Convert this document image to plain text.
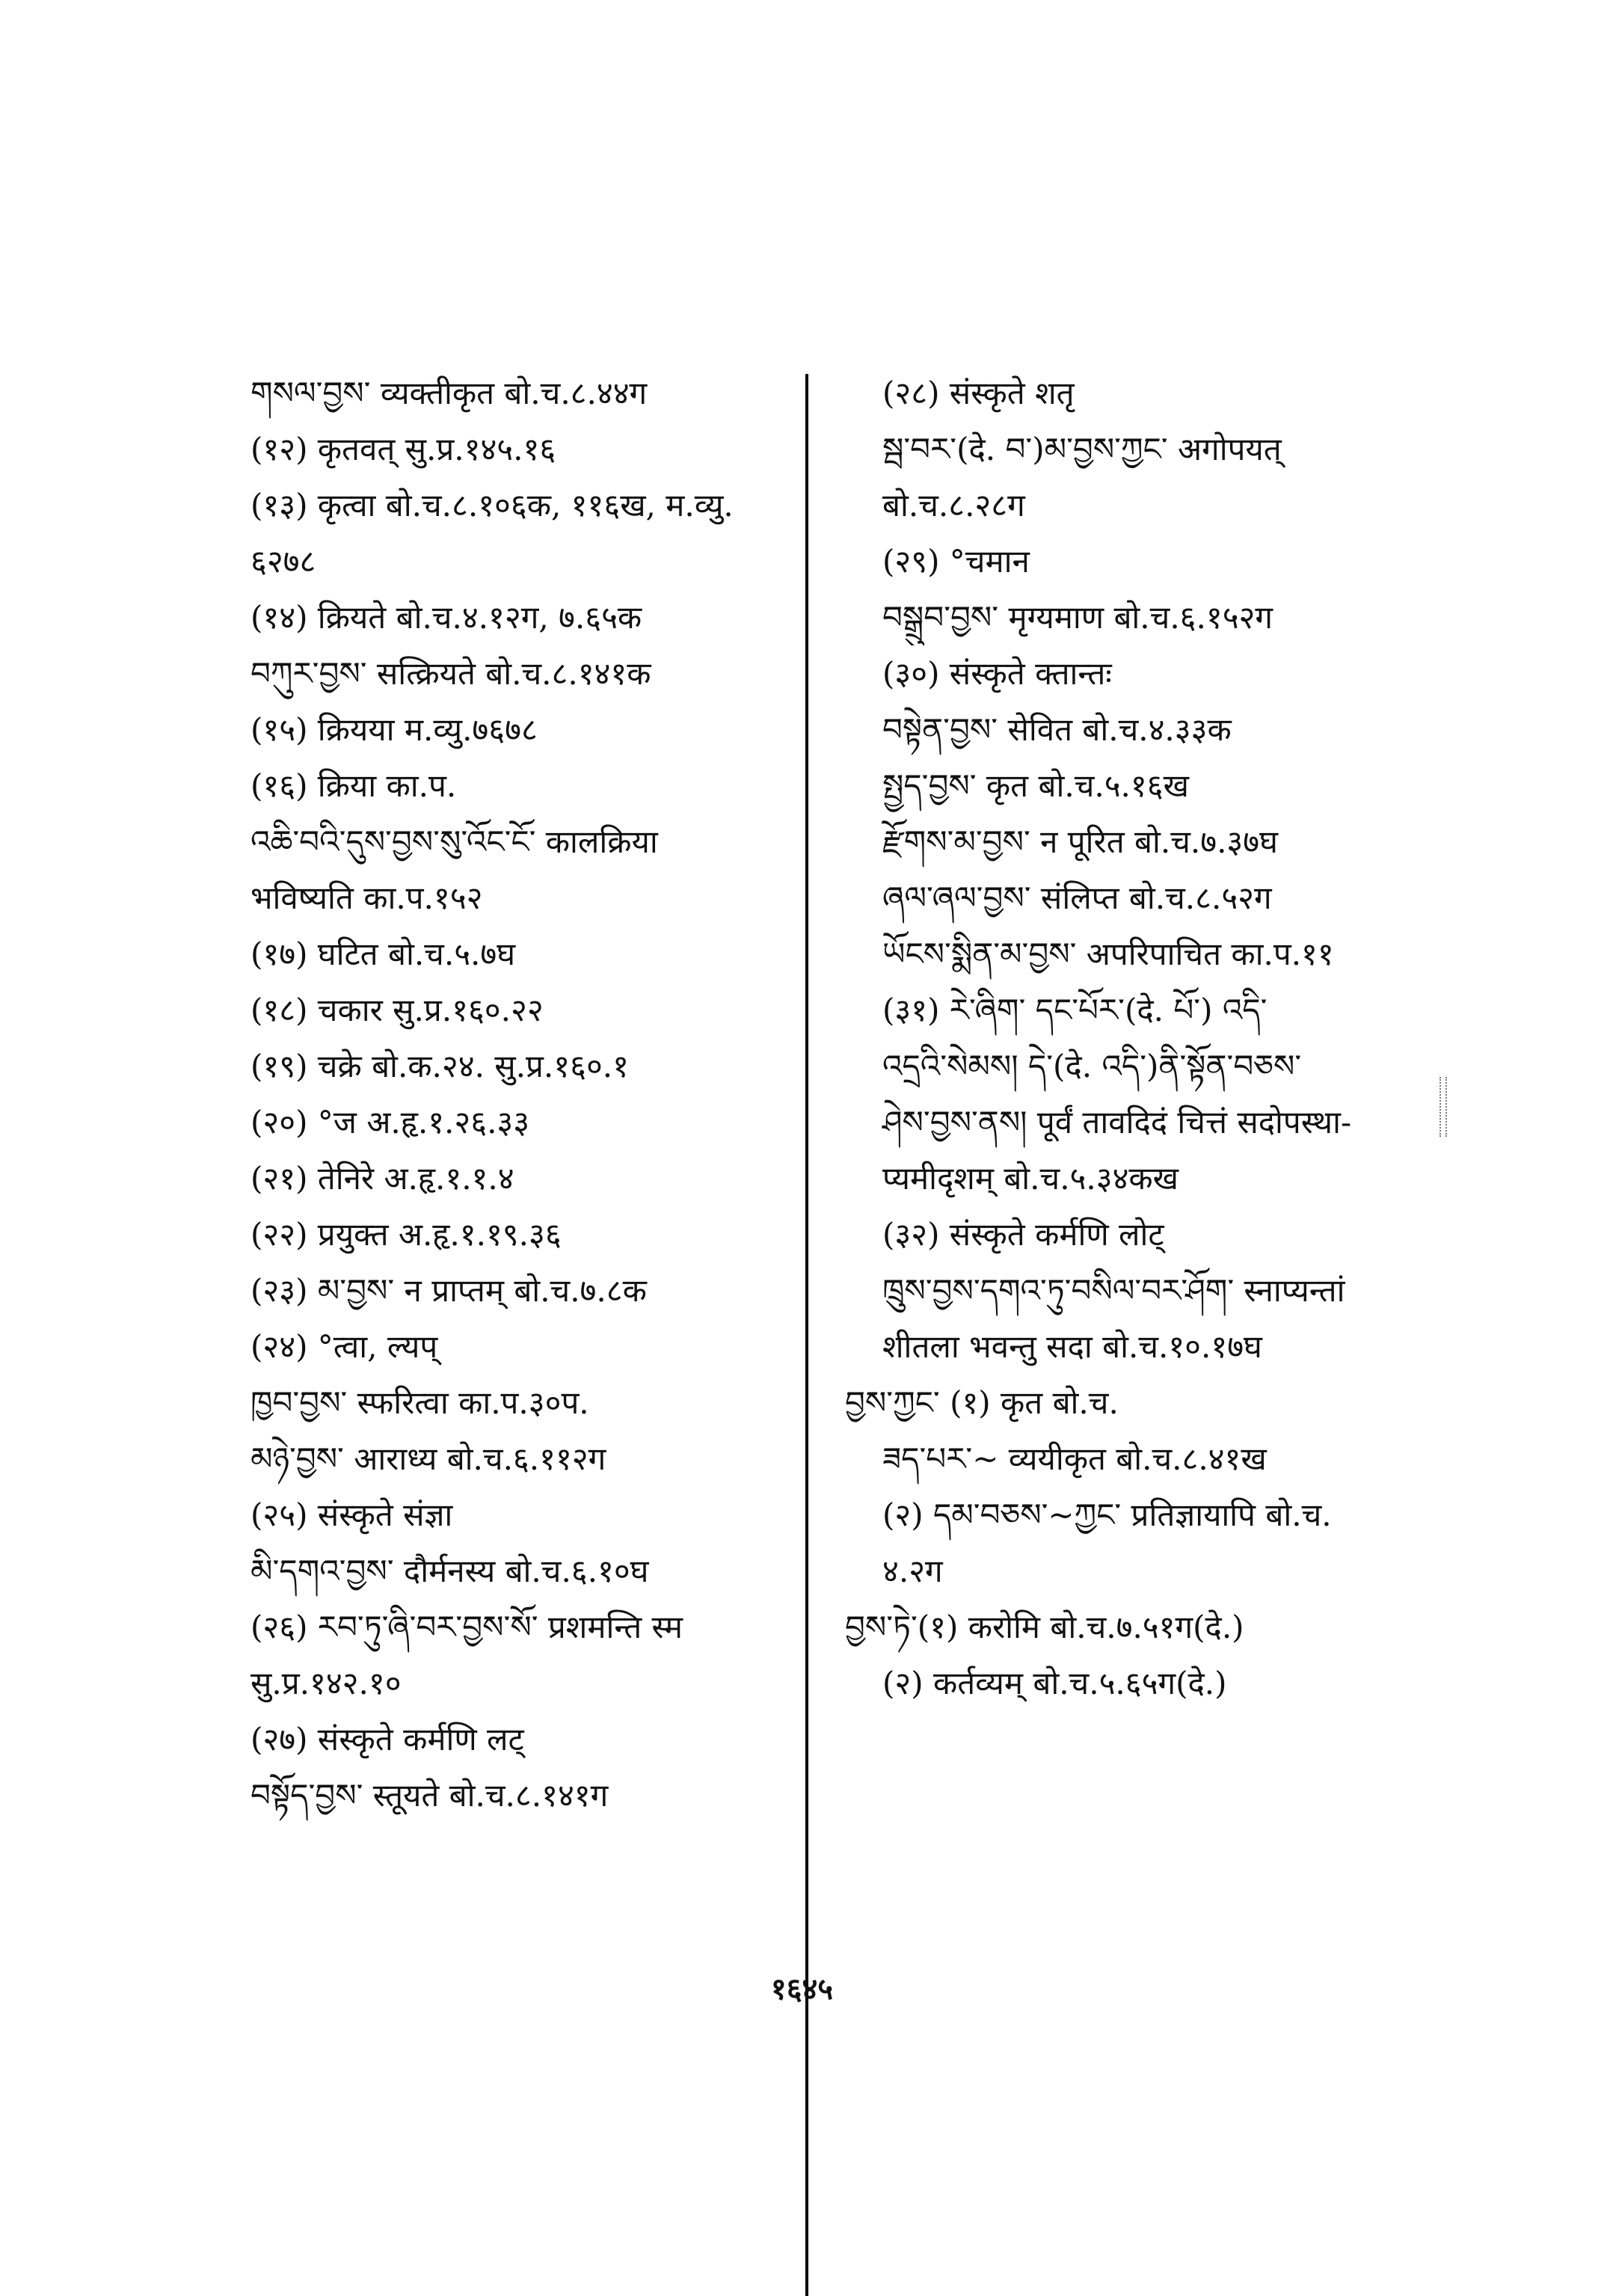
གསལ་བྱས་ व्यक्तीकृत बो.च.८.४४ग
(१२) कृतवत् सु.प्र.१४५.१६
(१३) कृत्वा बो.च.८.१०६क, ११६ख, म.व्यु.
६२७८
(१४) क्रियते बो.च.४.१२ग, ७.६५क
བཀུར་བྱས་ सत्क्रियते बो.च.८.१४१क
(१५) क्रियया म.व्यु.७६७८
(१६) क्रिया का.प.
འཆི་བའི་དུས་བྱས་སུ་འོང་ངོ་ कालक्रिया
भविष्यति का.प.१५२
(१७) घटित बो.च.५.७घ
(१८) चकार सु.प्र.१६०.२२
(१९) चक्रे बो.क.२४. सु.प्र.१६०.१
(२०) °ज अ.हृ.१.२६.३३
(२१) तेनिरे अ.हृ.१.१.४
(२२) प्रयुक्त अ.हृ.१.१९.३६
(२३) མ་བྱས་ न प्राप्तम् बो.च.७.८क
(२४) °त्वा, ल्यप्
ཁྱབ་བྱས་ स्फरित्वा का.प.३०प.
མཉེ་བྱས་ आराध्य बो.च.६.११२ग
(२५) संस्कृते संज्ञा
མི་དགའ་བྱས་ दौर्मनस्य बो.च.६.१०घ
(२६) རབ་ཏུ་ཞི་བར་བྱས་སོ་ प्रशमन्ति स्म
सु.प्र.१४२.१०
(२७) संस्कृते कर्मणि लट्
བསྟོད་བྱས་ स्तूयते बो.च.८.१४१ग
(२८) संस्कृते शतृ
སྦ་བར་(दे. བ་)མ་བྱས་ཀྱང་ अगोपयत्
बो.च.८.२८ग
(२९) °चमान
བསྒྲུབ་བྱས་ मृग्यमाण बो.च.६.१५२ग
(३०) संस्कृते क्तान्तः
བསྟེན་བྱས་ सेवित बो.च.४.३३क
སྤྱད་བྱས་ कृत बो.च.५.१६ख
རྫོགས་མ་བྱས་ न पूरित बो.च.७.३७घ
ཞལ་ཞལ་བྱས་ संलिप्त बो.च.८.५२ग
ཡོངས་སྨིན་མ་བྱས་ अपरिपाचित का.प.११
(३१) རེ་ཞིག་ དང་པོར་(दे. པོ་) འདི་
འདྲའི་སེམས། དེ་(दे. འདི་)ནི་སྟོན་བཅས་
ཤེས་བྱས་ནས། पूर्वं तावदिदं चित्तं सदोपस्था-
प्यमीदृशम् बो.च.५.३४कख
(३२) संस्कृते कर्मणि लोट्
ཁྲུས་བྱས་དགའ་ཏུ་བསིལ་བར་ཤོག་ स्नाप्यन्तां
शीतला भवन्तु सदा बो.च.१०.१७घ
བྱས་ཀྱང་ (१) कृत बो.च.
ཟད་པར་~ व्ययीकृत बो.च.८.४१ख
(२) དམ་བཅས་~ཀྱང་ प्रतिज्ञायापि बो.च.
४.२ग
བྱས་ཏེ་(१) करोमि बो.च.७.५१ग(दे.)
(२) कर्तव्यम् बो.च.५.६५ग(दे.)
१६४५
